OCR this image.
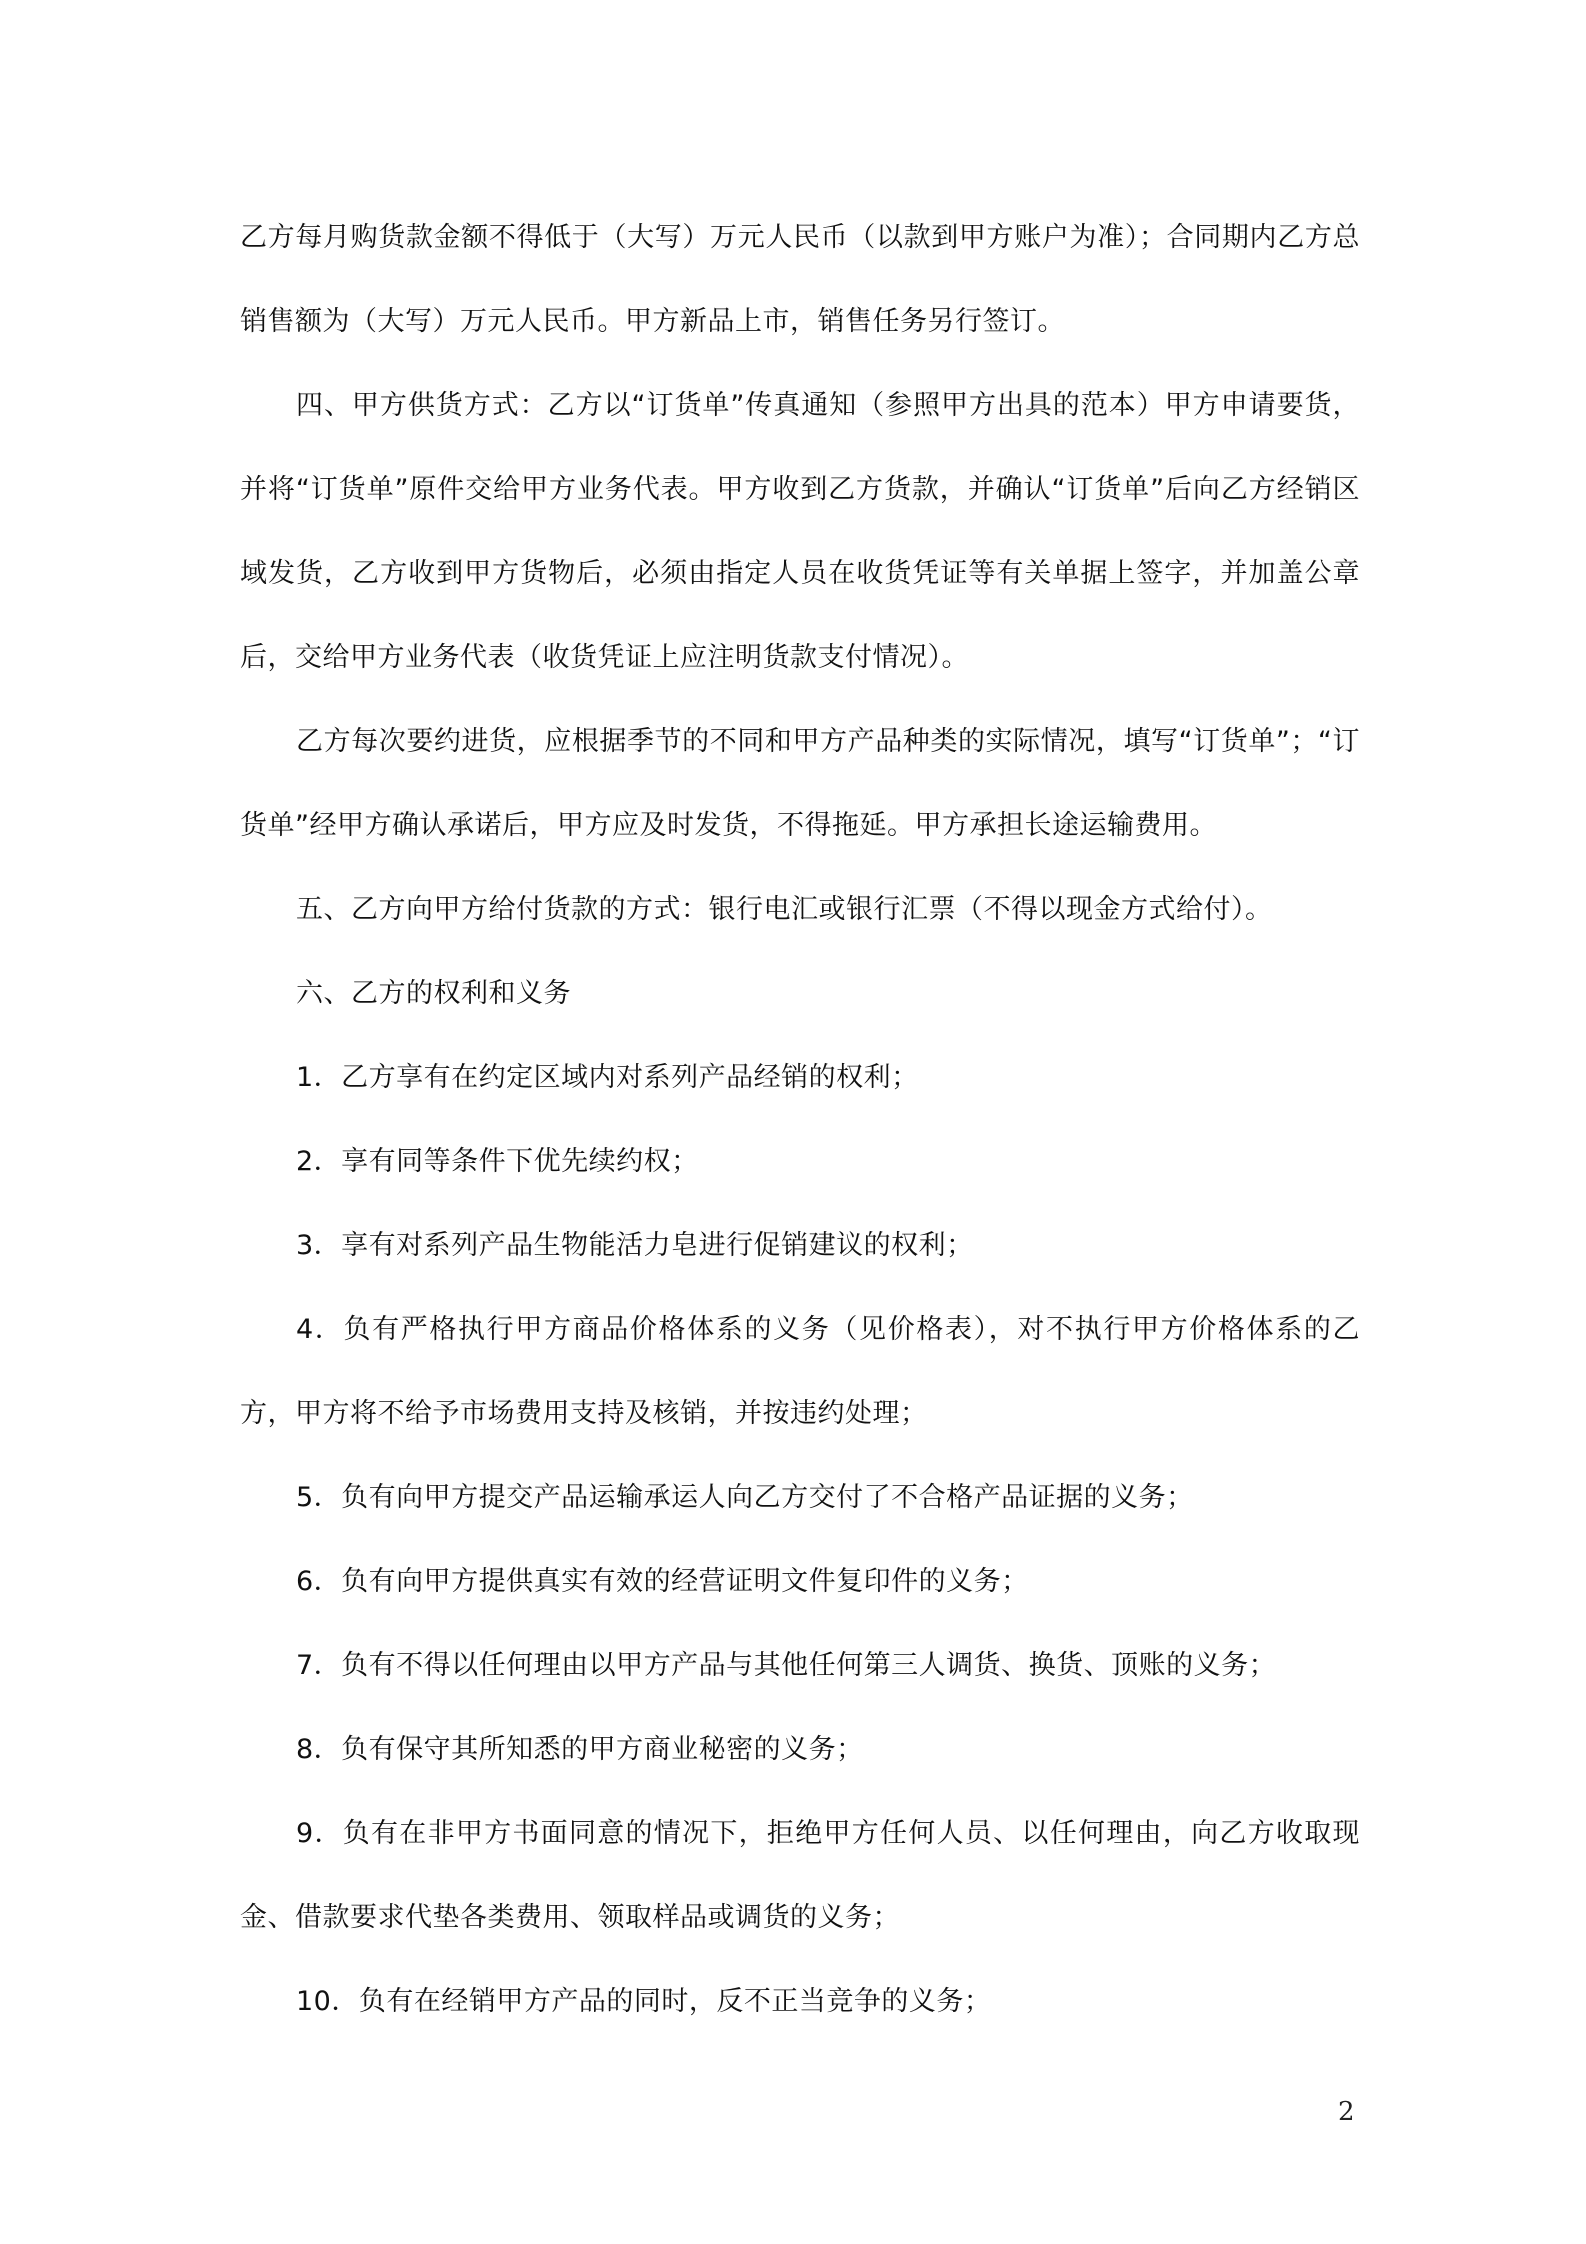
乙方每月购货款金额不得低于（大写）万元人民币（以款到甲方账户为准）；合同期内乙方总销售额为（大写）万元人民币。甲方新品上市，销售任务另行签订。

四、甲方供货方式：乙方以“订货单”传真通知（参照甲方出具的范本）甲方申请要货，并将“订货单”原件交给甲方业务代表。甲方收到乙方货款，并确认“订货单”后向乙方经销区域发货，乙方收到甲方货物后，必须由指定人员在收货凭证等有关单据上签字，并加盖公章后，交给甲方业务代表（收货凭证上应注明货款支付情况）。

乙方每次要约进货，应根据季节的不同和甲方产品种类的实际情况，填写“订货单”；“订货单”经甲方确认承诺后，甲方应及时发货，不得拖延。甲方承担长途运输费用。

五、乙方向甲方给付货款的方式：银行电汇或银行汇票（不得以现金方式给付）。

六、乙方的权利和义务

1．乙方享有在约定区域内对系列产品经销的权利；

2．享有同等条件下优先续约权；

3．享有对系列产品生物能活力皂进行促销建议的权利；

4．负有严格执行甲方商品价格体系的义务（见价格表），对不执行甲方价格体系的乙方，甲方将不给予市场费用支持及核销，并按违约处理；

5．负有向甲方提交产品运输承运人向乙方交付了不合格产品证据的义务；

6．负有向甲方提供真实有效的经营证明文件复印件的义务；

7．负有不得以任何理由以甲方产品与其他任何第三人调货、换货、顶账的义务；

8．负有保守其所知悉的甲方商业秘密的义务；

9．负有在非甲方书面同意的情况下，拒绝甲方任何人员、以任何理由，向乙方收取现金、借款要求代垫各类费用、领取样品或调货的义务；

10．负有在经销甲方产品的同时，反不正当竞争的义务；

2
